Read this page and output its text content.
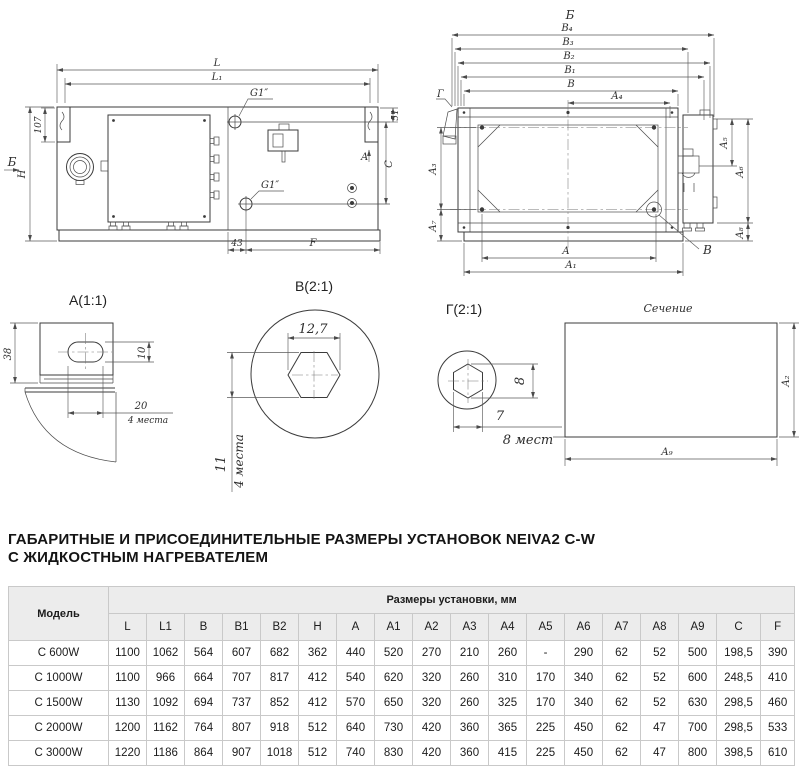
G1″
G1″
L
L₁
107
H
Б
51
C
A
43	F
Б
B₄
B₃
B₂
B₁
B
A₄
Г
A₃
A₇
A
A₁
B
A₅
A₆
A₈
А(1:1)
38	10
20
4 места
В(2:1)
12,7
11 4 места
Г(2:1)
8
7
8 мест
Сечение
A₂
A₉
ГАБАРИТНЫЕ И ПРИСОЕДИНИТЕЛЬНЫЕ РАЗМЕРЫ УСТАНОВОК NEIVA2 C-W
С ЖИДКОСТНЫМ НАГРЕВАТЕЛЕМ
Модель	Размеры установки, мм																	
	L	L1	B	B1	B2	H	A	A1	A2	A3	A4	A5	A6	A7	A8	A9	C	F
С 600W	1100	1062	564	607	682	362	440	520	270	210	260	-	290	62	52	500	198,5	390
С 1000W	1100	966	664	707	817	412	540	620	320	260	310	170	340	62	52	600	248,5	410
С 1500W	1130	1092	694	737	852	412	570	650	320	260	325	170	340	62	52	630	298,5	460
С 2000W	1200	1162	764	807	918	512	640	730	420	360	365	225	450	62	47	700	298,5	533
С 3000W	1220	1186	864	907	1018	512	740	830	420	360	415	225	450	62	47	800	398,5	610
